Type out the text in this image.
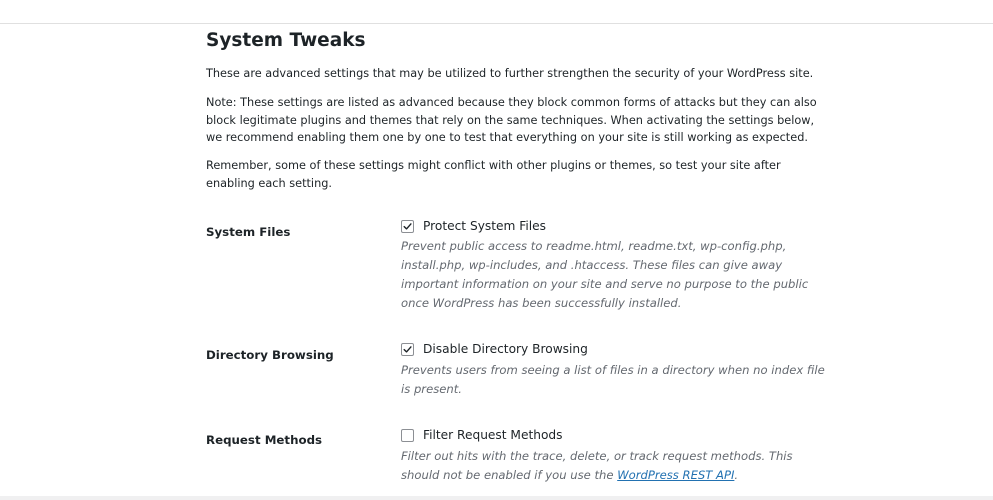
System Tweaks

These are advanced settings that may be utilized to further strengthen the security of your WordPress site.

Note: These settings are listed as advanced because they block common forms of attacks but they can also block legitimate plugins and themes that rely on the same techniques. When activating the settings below, we recommend enabling them one by one to test that everything on your site is still working as expected.

Remember, some of these settings might conflict with other plugins or themes, so test your site after enabling each setting.

System Files	Protect System Files

Prevent public access to readme.html, readme.txt, wp-config.php, install.php, wp-includes, and .htaccess. These files can give away important information on your site and serve no purpose to the public once WordPress has been successfully installed.

Directory Browsing	Disable Directory Browsing

Prevents users from seeing a list of files in a directory when no index file is present.

Request Methods	Filter Request Methods

Filter out hits with the trace, delete, or track request methods. This should not be enabled if you use the WordPress REST API.
